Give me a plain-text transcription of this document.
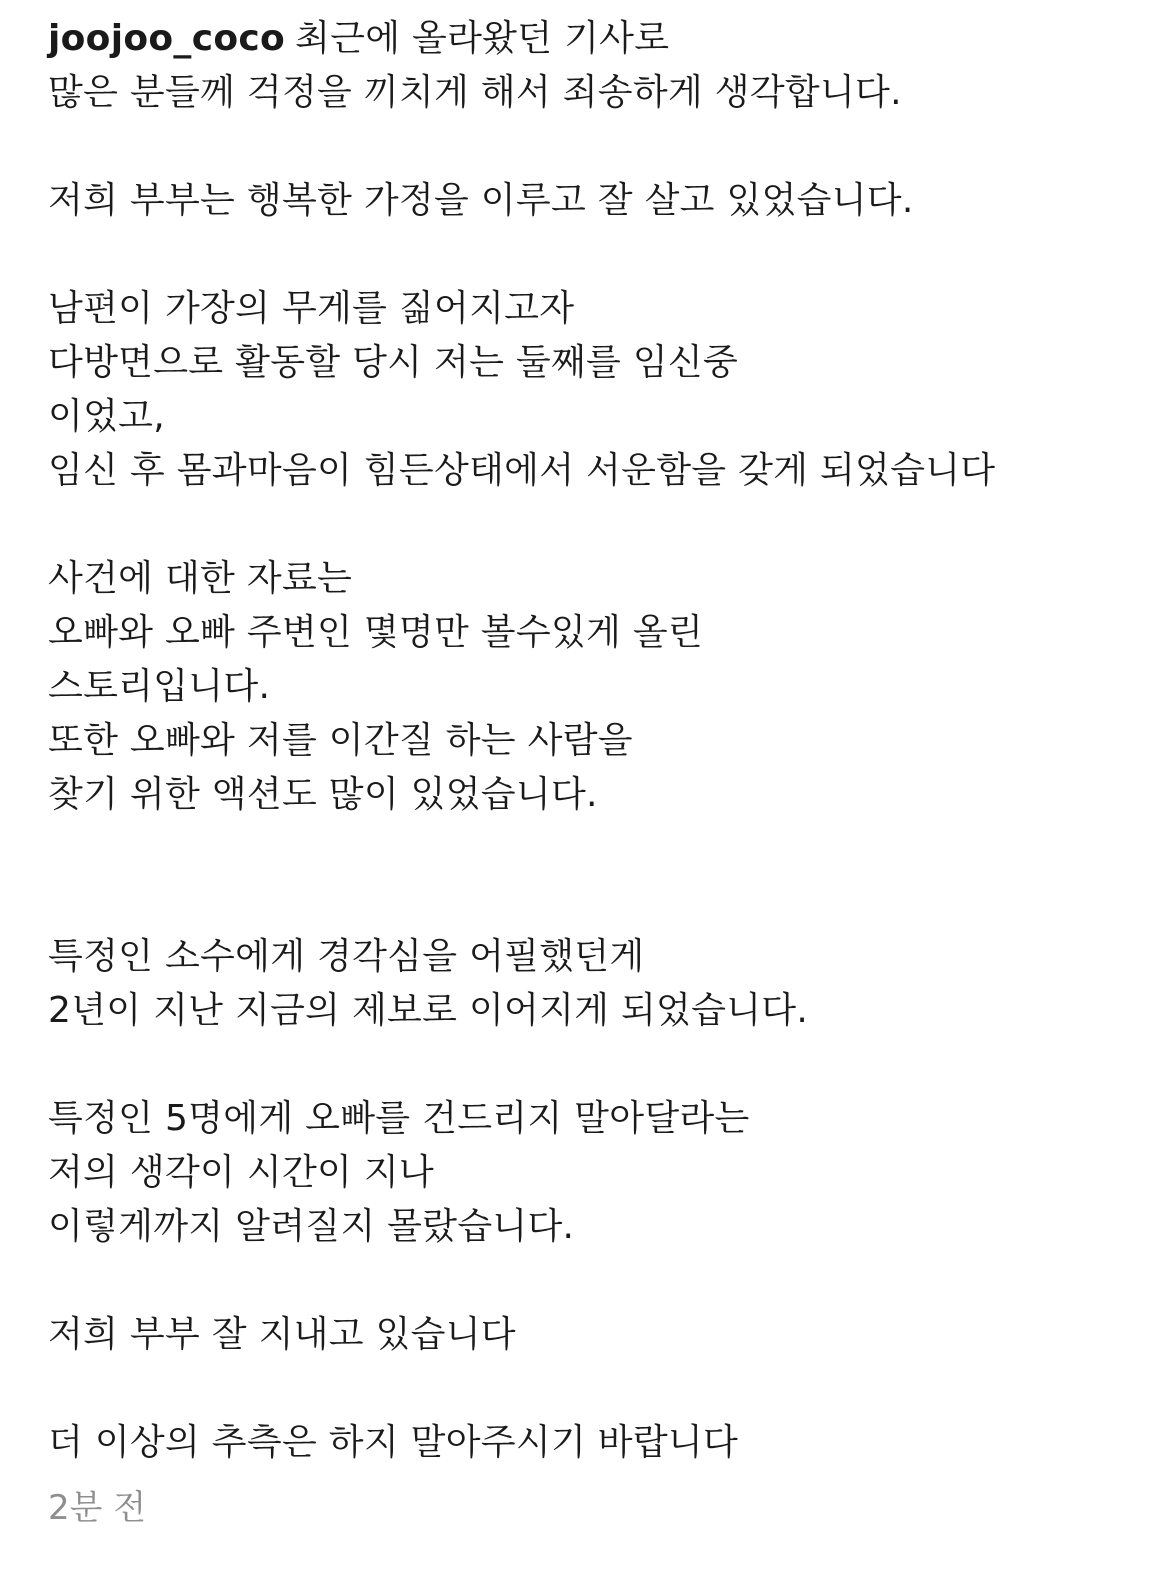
joojoo_coco 최근에 올라왔던 기사로
많은 분들께 걱정을 끼치게 해서 죄송하게 생각합니다.
저희 부부는 행복한 가정을 이루고 잘 살고 있었습니다.
남편이 가장의 무게를 짊어지고자
다방면으로 활동할 당시 저는 둘째를 임신중
이었고,
임신 후 몸과마음이 힘든상태에서 서운함을 갖게 되었습니다
사건에 대한 자료는
오빠와 오빠 주변인 몇명만 볼수있게 올린
스토리입니다.
또한 오빠와 저를 이간질 하는 사람을
찾기 위한 액션도 많이 있었습니다.
특정인 소수에게 경각심을 어필했던게
2년이 지난 지금의 제보로 이어지게 되었습니다.
특정인 5명에게 오빠를 건드리지 말아달라는
저의 생각이 시간이 지나
이렇게까지 알려질지 몰랐습니다.
저희 부부 잘 지내고 있습니다
더 이상의 추측은 하지 말아주시기 바랍니다
2분 전
